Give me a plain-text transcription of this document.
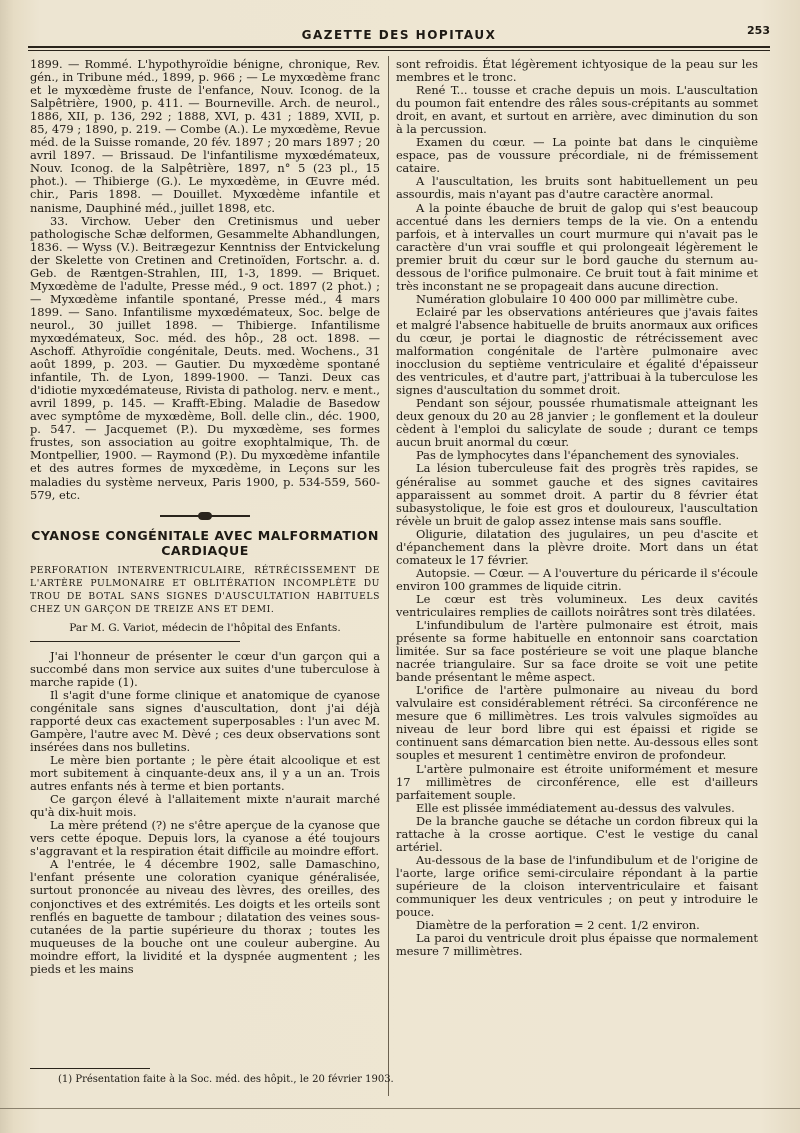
GAZETTE DES HOPITAUX	253

1899. — Rommé. L'hypothyroïdie bénigne, chronique, Rev. gén., in Tribune méd., 1899, p. 966 ; — Le myxœdème franc et le myxœdème fruste de l'enfance, Nouv. Iconog. de la Salpêtrière, 1900, p. 411. — Bourneville. Arch. de neurol., 1886, XII, p. 136, 292 ; 1888, XVI, p. 431 ; 1889, XVII, p. 85, 479 ; 1890, p. 219. — Combe (A.). Le myxœdème, Revue méd. de la Suisse romande, 20 fév. 1897 ; 20 mars 1897 ; 20 avril 1897. — Brissaud. De l'infantilisme myxœdémateux, Nouv. Iconog. de la Salpêtrière, 1897, n° 5 (23 pl., 15 phot.). — Thibierge (G.). Le myxœdème, in Œuvre méd. chir., Paris 1898. — Douillet. Myxœdème infantile et nanisme, Dauphiné méd., juillet 1898, etc.

33. Virchow. Ueber den Cretinismus und ueber pathologische Schæ delformen, Gesammelte Abhandlungen, 1836. — Wyss (V.). Beitrægezur Kenntniss der Entvickelung der Skelette von Cretinen and Cretinoïden, Fortschr. a. d. Geb. de Ræntgen-Strahlen, III, 1-3, 1899. — Briquet. Myxœdème de l'adulte, Presse méd., 9 oct. 1897 (2 phot.) ; — Myxœdème infantile spontané, Presse méd., 4 mars 1899. — Sano. Infantilisme myxœdémateux, Soc. belge de neurol., 30 juillet 1898. — Thibierge. Infantilisme myxœdémateux, Soc. méd. des hôp., 28 oct. 1898. — Aschoff. Athyroïdie congénitale, Deuts. med. Wochens., 31 août 1899, p. 203. — Gautier. Du myxœdème spontané infantile, Th. de Lyon, 1899-1900. — Tanzi. Deux cas d'idiotie myxœdémateuse, Rivista di patholog. nerv. e ment., avril 1899, p. 145. — Krafft-Ebing. Maladie de Basedow avec symptôme de myxœdème, Boll. delle clin., déc. 1900, p. 547. — Jacquemet (P.). Du myxœdème, ses formes frustes, son association au goitre exophtalmique, Th. de Montpellier, 1900. — Raymond (P.). Du myxœdème infantile et des autres formes de myxœdème, in Leçons sur les maladies du système nerveux, Paris 1900, p. 534-559, 560-579, etc.

CYANOSE CONGÉNITALE AVEC MALFORMATION CARDIAQUE
PERFORATION INTERVENTRICULAIRE, RÉTRÉCISSEMENT DE L'ARTÈRE PULMONAIRE ET OBLITÉRATION INCOMPLÈTE DU TROU DE BOTAL SANS SIGNES D'AUSCULTATION HABITUELS CHEZ UN GARÇON DE TREIZE ANS ET DEMI.
Par M. G. Variot, médecin de l'hôpital des Enfants.

J'ai l'honneur de présenter le cœur d'un garçon qui a succombé dans mon service aux suites d'une tuberculose à marche rapide (1).

Il s'agit d'une forme clinique et anatomique de cyanose congénitale sans signes d'auscultation, dont j'ai déjà rapporté deux cas exactement superposables : l'un avec M. Gampère, l'autre avec M. Dèvé ; ces deux observations sont insérées dans nos bulletins.

Le mère bien portante ; le père était alcoolique et est mort subitement à cinquante-deux ans, il y a un an. Trois autres enfants nés à terme et bien portants.

Ce garçon élevé à l'allaitement mixte n'aurait marché qu'à dix-huit mois.

La mère prétend (?) ne s'être aperçue de la cyanose que vers cette époque. Depuis lors, la cyanose a été toujours s'aggravant et la respiration était difficile au moindre effort.

A l'entrée, le 4 décembre 1902, salle Damaschino, l'enfant présente une coloration cyanique généralisée, surtout prononcée au niveau des lèvres, des oreilles, des conjonctives et des extrémités. Les doigts et les orteils sont renflés en baguette de tambour ; dilatation des veines sous-cutanées de la partie supérieure du thorax ; toutes les muqueuses de la bouche ont une couleur aubergine. Au moindre effort, la lividité et la dyspnée augmentent ; les pieds et les mains

sont refroidis. État légèrement ichtyosique de la peau sur les membres et le tronc.

René T... tousse et crache depuis un mois. L'auscultation du poumon fait entendre des râles sous-crépitants au sommet droit, en avant, et surtout en arrière, avec diminution du son à la percussion.

Examen du cœur. — La pointe bat dans le cinquième espace, pas de voussure précordiale, ni de frémissement cataire.

A l'auscultation, les bruits sont habituellement un peu assourdis, mais n'ayant pas d'autre caractère anormal.

A la pointe ébauche de bruit de galop qui s'est beaucoup accentué dans les derniers temps de la vie. On a entendu parfois, et à intervalles un court murmure qui n'avait pas le caractère d'un vrai souffle et qui prolongeait légèrement le premier bruit du cœur sur le bord gauche du sternum au-dessous de l'orifice pulmonaire. Ce bruit tout à fait minime et très inconstant ne se propageait dans aucune direction.

Numération globulaire 10 400 000 par millimètre cube.

Eclairé par les observations antérieures que j'avais faites et malgré l'absence habituelle de bruits anormaux aux orifices du cœur, je portai le diagnostic de rétrécissement avec malformation congénitale de l'artère pulmonaire avec inocclusion du septième ventriculaire et égalité d'épaisseur des ventricules, et d'autre part, j'attribuai à la tuberculose les signes d'auscultation du sommet droit.

Pendant son séjour, poussée rhumatismale atteignant les deux genoux du 20 au 28 janvier ; le gonflement et la douleur cèdent à l'emploi du salicylate de soude ; durant ce temps aucun bruit anormal du cœur.

Pas de lymphocytes dans l'épanchement des synoviales.

La lésion tuberculeuse fait des progrès très rapides, se généralise au sommet gauche et des signes cavitaires apparaissent au sommet droit. A partir du 8 février état subasystolique, le foie est gros et douloureux, l'auscultation révèle un bruit de galop assez intense mais sans souffle.

Oligurie, dilatation des jugulaires, un peu d'ascite et d'épanchement dans la plèvre droite. Mort dans un état comateux le 17 février.

Autopsie. — Cœur. — A l'ouverture du péricarde il s'écoule environ 100 grammes de liquide citrin.

Le cœur est très volumineux. Les deux cavités ventriculaires remplies de caillots noirâtres sont très dilatées.

L'infundibulum de l'artère pulmonaire est étroit, mais présente sa forme habituelle en entonnoir sans coarctation limitée. Sur sa face postérieure se voit une plaque blanche nacrée triangulaire. Sur sa face droite se voit une petite bande présentant le même aspect.

L'orifice de l'artère pulmonaire au niveau du bord valvulaire est considérablement rétréci. Sa circonférence ne mesure que 6 millimètres. Les trois valvules sigmoïdes au niveau de leur bord libre qui est épaissi et rigide se continuent sans démarcation bien nette. Au-dessous elles sont souples et mesurent 1 centimètre environ de profondeur.

L'artère pulmonaire est étroite uniformément et mesure 17 millimètres de circonférence, elle est d'ailleurs parfaitement souple.

Elle est plissée immédiatement au-dessus des valvules.

De la branche gauche se détache un cordon fibreux qui la rattache à la crosse aortique. C'est le vestige du canal artériel.

Au-dessous de la base de l'infundibulum et de l'origine de l'aorte, large orifice semi-circulaire répondant à la partie supérieure de la cloison interventriculaire et faisant communiquer les deux ventricules ; on peut y introduire le pouce.

Diamètre de la perforation = 2 cent. 1/2 environ.

La paroi du ventricule droit plus épaisse que normalement mesure 7 millimètres.

(1) Présentation faite à la Soc. méd. des hôpit., le 20 février 1903.
